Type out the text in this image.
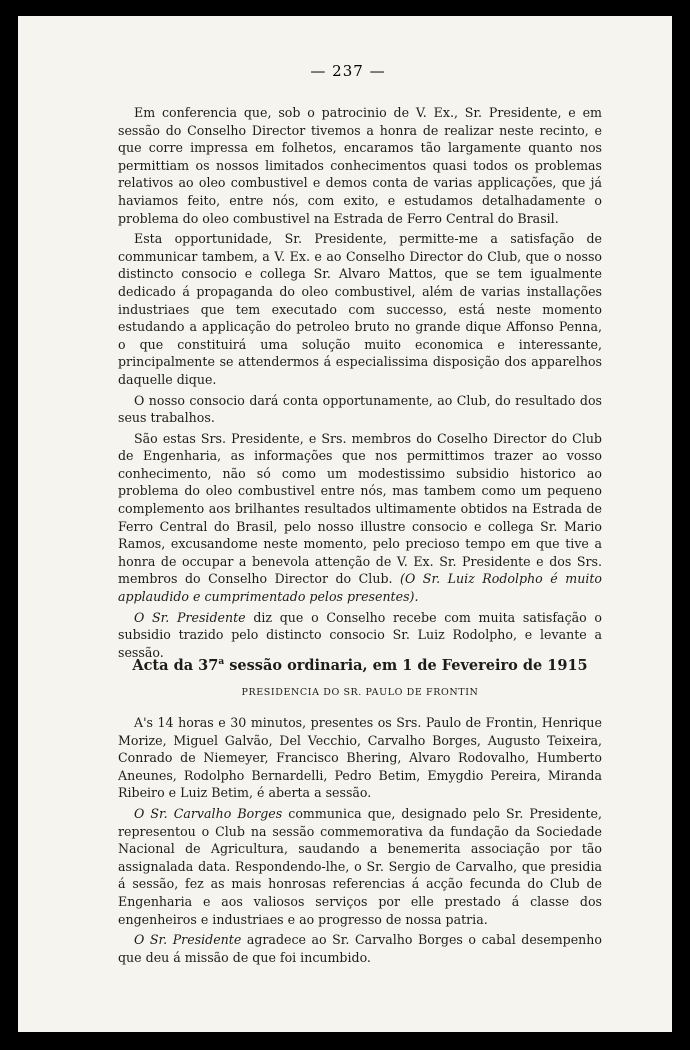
— 237 —

Em conferencia que, sob o patrocinio de V. Ex., Sr. Presidente, e em sessão do Conselho Director tivemos a honra de realizar neste recinto, e que corre impressa em folhetos, encaramos tão largamente quanto nos permittiam os nossos limitados conhecimentos quasi todos os problemas relativos ao oleo combustivel e demos conta de varias applicações, que já haviamos feito, entre nós, com exito, e estudamos detalhadamente o problema do oleo combustivel na Estrada de Ferro Central do Brasil.

Esta opportunidade, Sr. Presidente, permitte-me a satisfação de communicar tambem, a V. Ex. e ao Conselho Director do Club, que o nosso distincto consocio e collega Sr. Alvaro Mattos, que se tem igualmente dedicado á propaganda do oleo combustivel, além de varias installações industriaes que tem executado com successo, está neste momento estudando a applicação do petroleo bruto no grande dique Affonso Penna, o que constituirá uma solução muito economica e interessante, principalmente se attendermos á especialissima disposição dos apparelhos daquelle dique.

O nosso consocio dará conta opportunamente, ao Club, do resultado dos seus trabalhos.

São estas Srs. Presidente, e Srs. membros do Coselho Director do Club de Engenharia, as informações que nos permittimos trazer ao vosso conhecimento, não só como um modestissimo subsidio historico ao problema do oleo combustivel entre nós, mas tambem como um pequeno complemento aos brilhantes resultados ultimamente obtidos na Estrada de Ferro Central do Brasil, pelo nosso illustre consocio e collega Sr. Mario Ramos, excusandome neste momento, pelo precioso tempo em que tive a honra de occupar a benevola attenção de V. Ex. Sr. Presidente e dos Srs. membros do Conselho Director do Club. (O Sr. Luiz Rodolpho é muito applaudido e cumprimentado pelos presentes).

O Sr. Presidente diz que o Conselho recebe com muita satisfação o subsidio trazido pelo distincto consocio Sr. Luiz Rodolpho, e levante a sessão.

Acta da 37$^a$ sessão ordinaria, em 1 de Fevereiro de 1915
PRESIDENCIA DO SR. PAULO DE FRONTIN

A's 14 horas e 30 minutos, presentes os Srs. Paulo de Frontin, Henrique Morize, Miguel Galvão, Del Vecchio, Carvalho Borges, Augusto Teixeira, Conrado de Niemeyer, Francisco Bhering, Alvaro Rodovalho, Humberto Aneunes, Rodolpho Bernardelli, Pedro Betim, Emygdio Pereira, Miranda Ribeiro e Luiz Betim, é aberta a sessão.

O Sr. Carvalho Borges communica que, designado pelo Sr. Presidente, representou o Club na sessão commemorativa da fundação da Sociedade Nacional de Agricultura, saudando a benemerita associação por tão assignalada data. Respondendo-lhe, o Sr. Sergio de Carvalho, que presidia á sessão, fez as mais honrosas referencias á acção fecunda do Club de Engenharia e aos valiosos serviços por elle prestado á classe dos engenheiros e industriaes e ao progresso de nossa patria.

O Sr. Presidente agradece ao Sr. Carvalho Borges o cabal desempenho que deu á missão de que foi incumbido.
